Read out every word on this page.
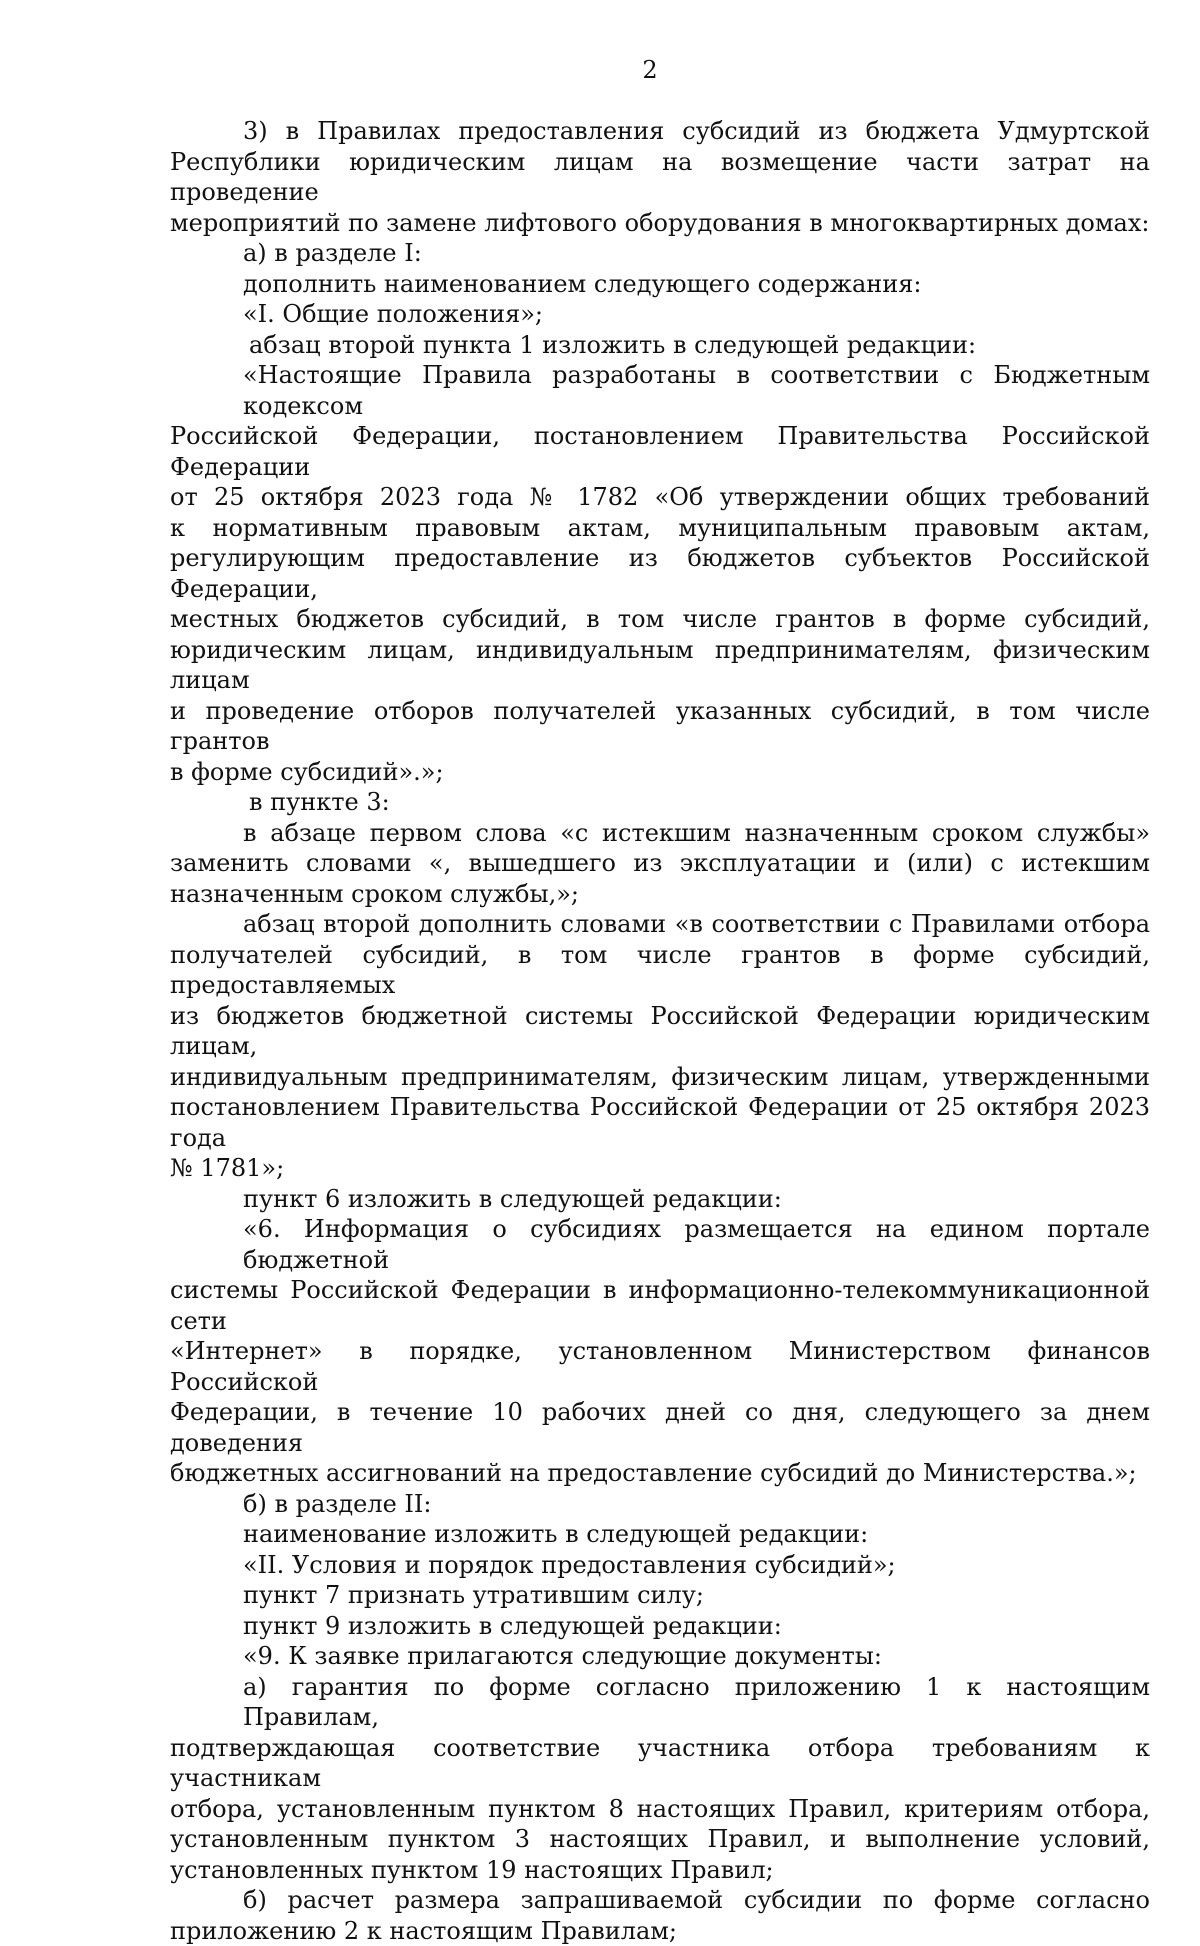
2
3) в Правилах предоставления субсидий из бюджета Удмуртской
Республики юридическим лицам на возмещение части затрат на проведение
мероприятий по замене лифтового оборудования в многоквартирных домах:
а) в разделе I:
дополнить наименованием следующего содержания:
«I. Общие положения»;
абзац второй пункта 1 изложить в следующей редакции:
«Настоящие Правила разработаны в соответствии с Бюджетным кодексом
Российской Федерации, постановлением Правительства Российской Федерации
от 25 октября 2023 года № 1782 «Об утверждении общих требований
к нормативным правовым актам, муниципальным правовым актам,
регулирующим предоставление из бюджетов субъектов Российской Федерации,
местных бюджетов субсидий, в том числе грантов в форме субсидий,
юридическим лицам, индивидуальным предпринимателям, физическим лицам
и проведение отборов получателей указанных субсидий, в том числе грантов
в форме субсидий».»;
в пункте 3:
в абзаце первом слова «с истекшим назначенным сроком службы»
заменить словами «, вышедшего из эксплуатации и (или) с истекшим
назначенным сроком службы,»;
абзац второй дополнить словами «в соответствии с Правилами отбора
получателей субсидий, в том числе грантов в форме субсидий, предоставляемых
из бюджетов бюджетной системы Российской Федерации юридическим лицам,
индивидуальным предпринимателям, физическим лицам, утвержденными
постановлением Правительства Российской Федерации от 25 октября 2023 года
№ 1781»;
пункт 6 изложить в следующей редакции:
«6. Информация о субсидиях размещается на едином портале бюджетной
системы Российской Федерации в информационно-телекоммуникационной сети
«Интернет» в порядке, установленном Министерством финансов Российской
Федерации, в течение 10 рабочих дней со дня, следующего за днем доведения
бюджетных ассигнований на предоставление субсидий до Министерства.»;
б) в разделе II:
наименование изложить в следующей редакции:
«II. Условия и порядок предоставления субсидий»;
пункт 7 признать утратившим силу;
пункт 9 изложить в следующей редакции:
«9. К заявке прилагаются следующие документы:
а) гарантия по форме согласно приложению 1 к настоящим Правилам,
подтверждающая соответствие участника отбора требованиям к участникам
отбора, установленным пунктом 8 настоящих Правил, критериям отбора,
установленным пунктом 3 настоящих Правил, и выполнение условий,
установленных пунктом 19 настоящих Правил;
б) расчет размера запрашиваемой субсидии по форме согласно
приложению 2 к настоящим Правилам;
